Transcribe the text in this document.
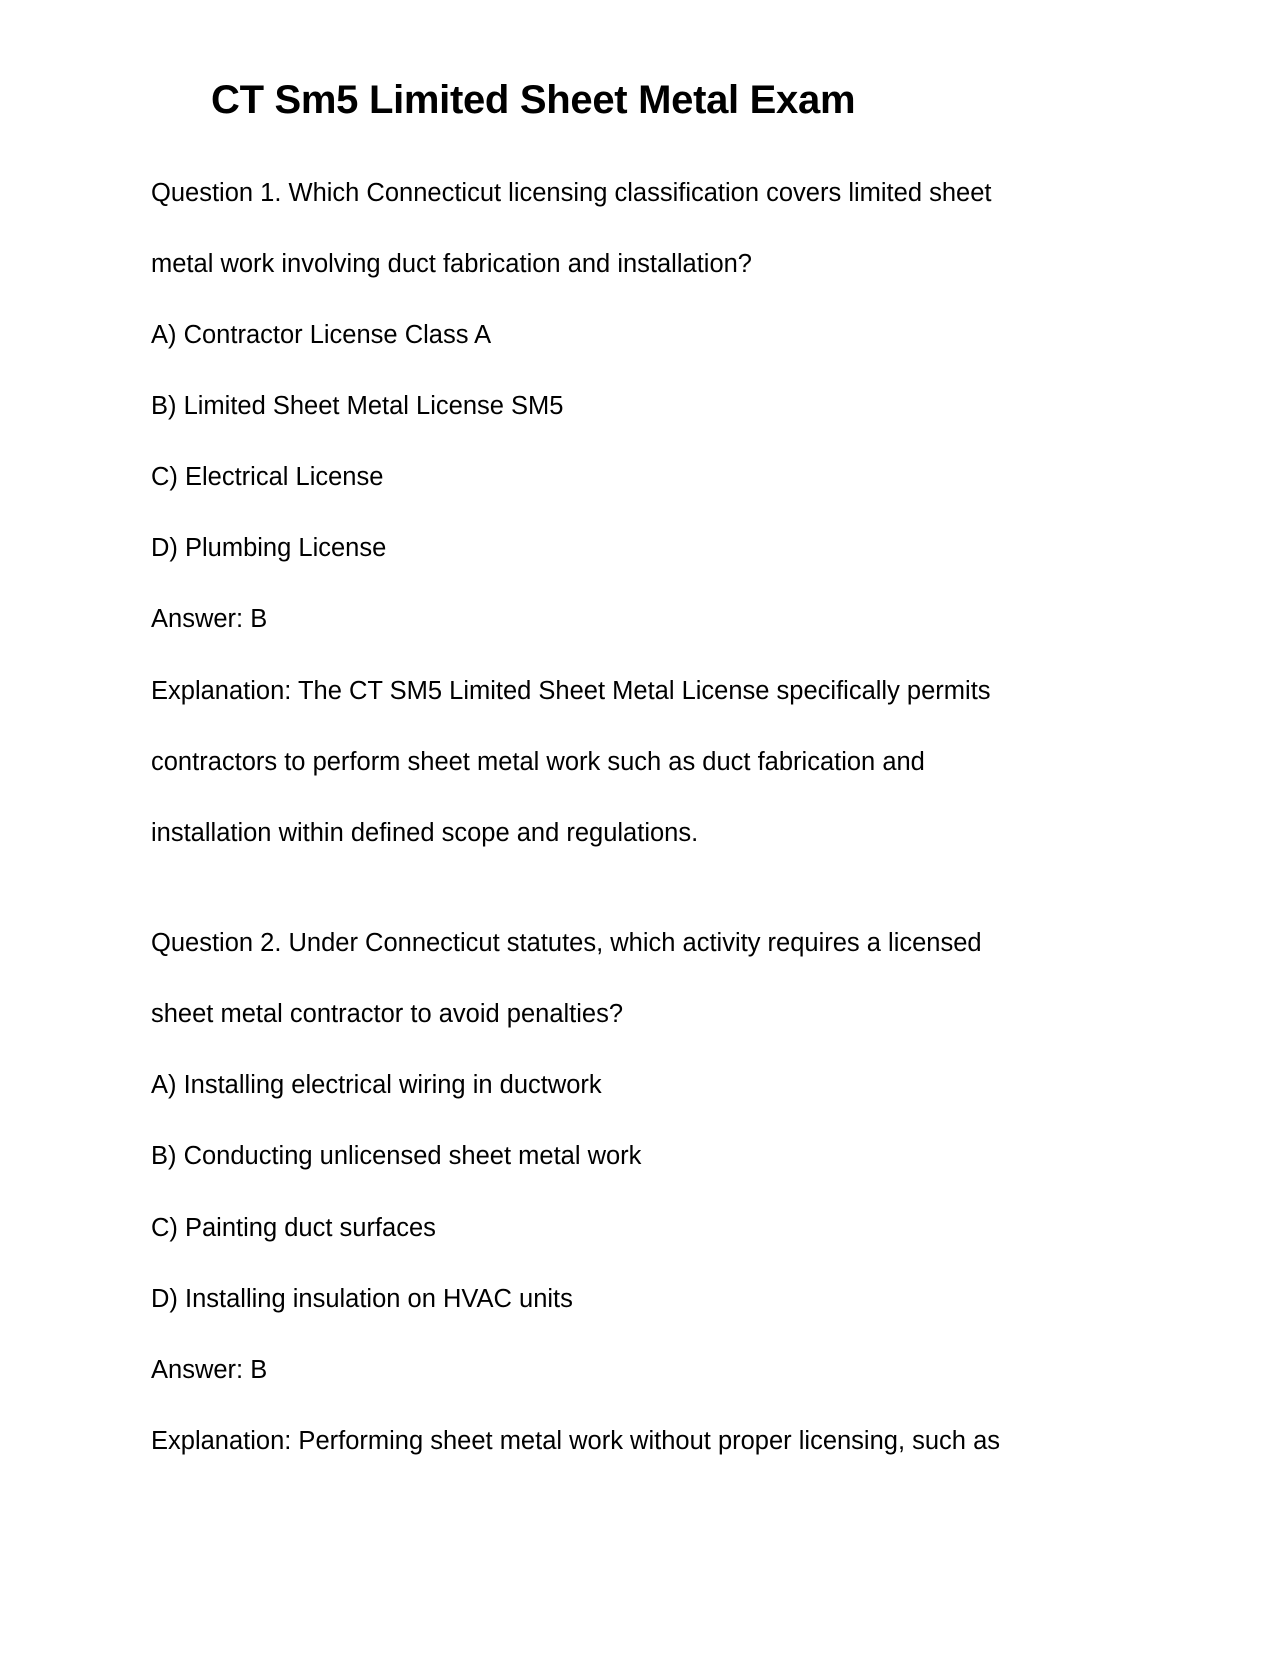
CT Sm5 Limited Sheet Metal Exam
Question 1. Which Connecticut licensing classification covers limited sheet
metal work involving duct fabrication and installation?
A) Contractor License Class A
B) Limited Sheet Metal License SM5
C) Electrical License
D) Plumbing License
Answer: B
Explanation: The CT SM5 Limited Sheet Metal License specifically permits
contractors to perform sheet metal work such as duct fabrication and
installation within defined scope and regulations.
Question 2. Under Connecticut statutes, which activity requires a licensed
sheet metal contractor to avoid penalties?
A) Installing electrical wiring in ductwork
B) Conducting unlicensed sheet metal work
C) Painting duct surfaces
D) Installing insulation on HVAC units
Answer: B
Explanation: Performing sheet metal work without proper licensing, such as
